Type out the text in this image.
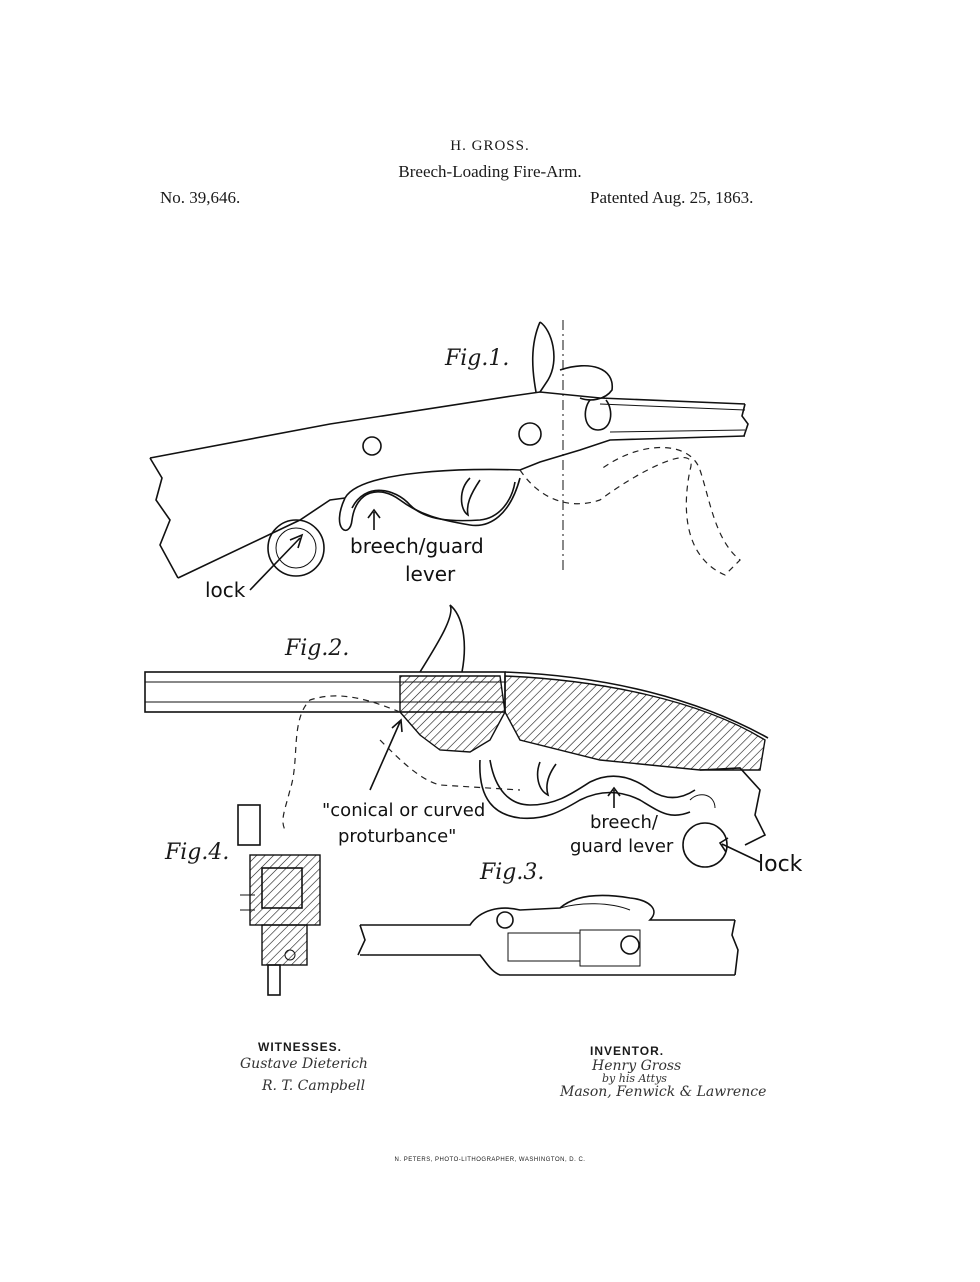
H. GROSS.
Breech-Loading Fire-Arm.
No. 39,646.	Patented Aug. 25, 1863.
Fig.1.
Fig.2.
Fig.3.
Fig.4.
breech/guard
lever
lock
"conical or curved
proturbance"
breech/
guard lever
lock
WITNESSES.
Gustave Dieterich
R. T. Campbell
INVENTOR.
Henry Gross
by his Attys
Mason, Fenwick & Lawrence
N. PETERS, PHOTO-LITHOGRAPHER, WASHINGTON, D. C.
